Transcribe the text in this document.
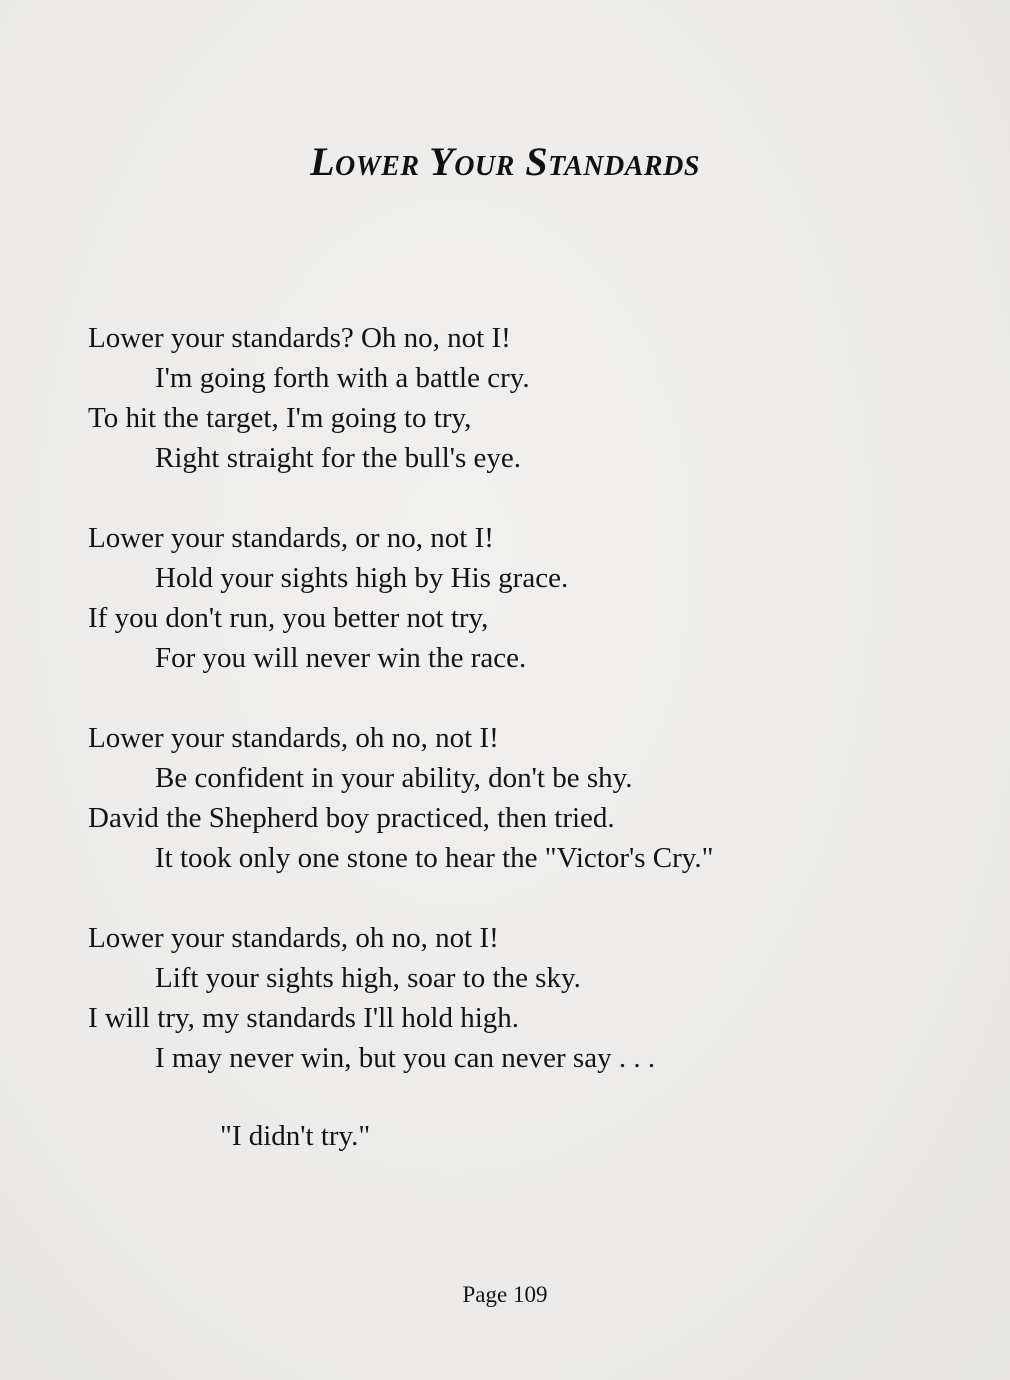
Lower Your Standards
Lower your standards? Oh no, not I!
I'm going forth with a battle cry.
To hit the target, I'm going to try,
Right straight for the bull's eye.
Lower your standards, or no, not I!
Hold your sights high by His grace.
If you don't run, you better not try,
For you will never win the race.
Lower your standards, oh no, not I!
Be confident in your ability, don't be shy.
David the Shepherd boy practiced, then tried.
It took only one stone to hear the "Victor's Cry."
Lower your standards, oh no, not I!
Lift your sights high, soar to the sky.
I will try, my standards I'll hold high.
I may never win, but you can never say . . .
"I didn't try."
Page 109
